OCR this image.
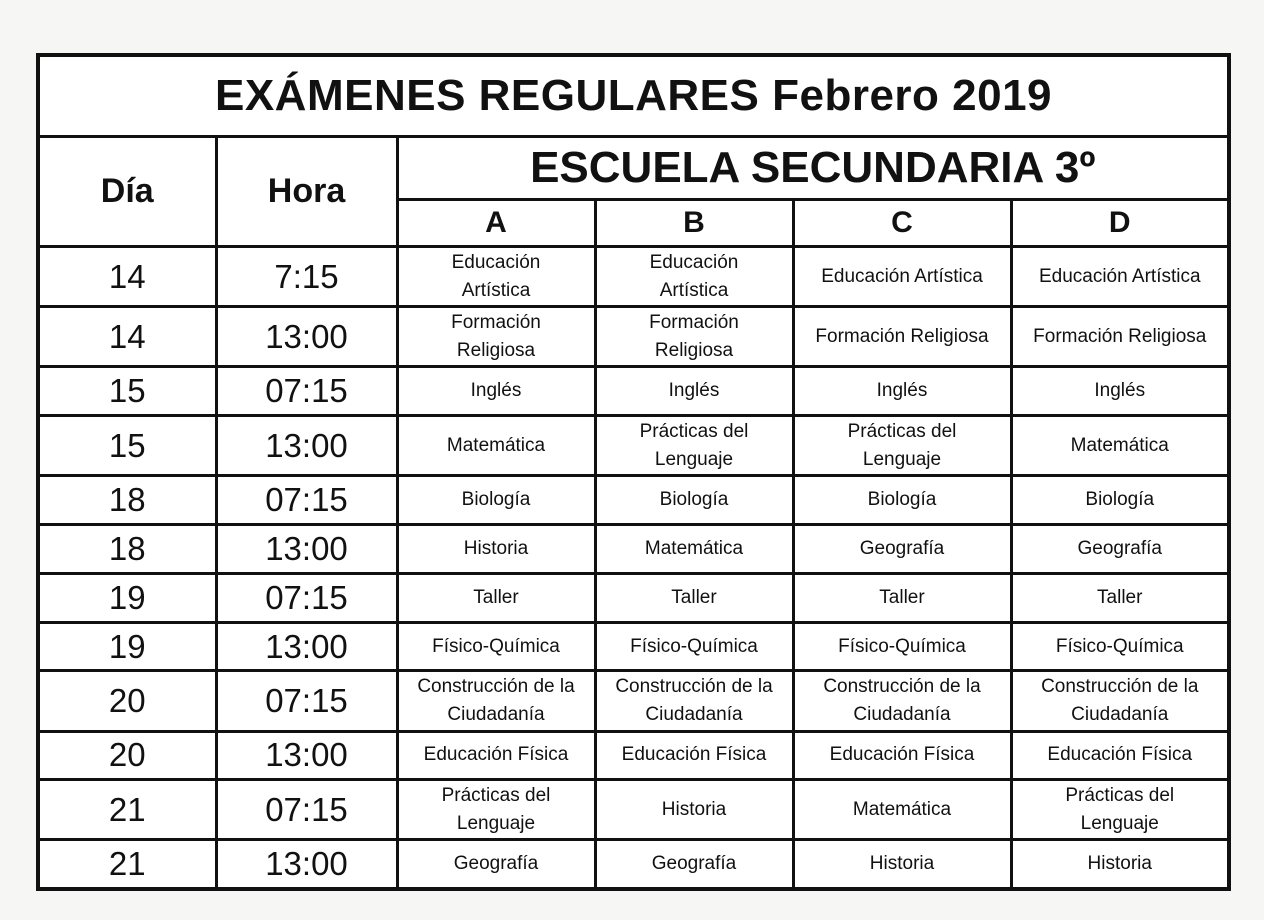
EXÁMENES REGULARES Febrero 2019					
Día	Hora	ESCUELA SECUNDARIA 3º			
		A	B	C	D
14	7:15	Educación
Artística	Educación
Artística	Educación Artística	Educación Artística
14	13:00	Formación
Religiosa	Formación
Religiosa	Formación Religiosa	Formación Religiosa
15	07:15	Inglés	Inglés	Inglés	Inglés
15	13:00	Matemática	Prácticas del
Lenguaje	Prácticas del
Lenguaje	Matemática
18	07:15	Biología	Biología	Biología	Biología
18	13:00	Historia	Matemática	Geografía	Geografía
19	07:15	Taller	Taller	Taller	Taller
19	13:00	Físico-Química	Físico-Química	Físico-Química	Físico-Química
20	07:15	Construcción de la
Ciudadanía	Construcción de la
Ciudadanía	Construcción de la
Ciudadanía	Construcción de la
Ciudadanía
20	13:00	Educación Física	Educación Física	Educación Física	Educación Física
21	07:15	Prácticas del
Lenguaje	Historia	Matemática	Prácticas del
Lenguaje
21	13:00	Geografía	Geografía	Historia	Historia
